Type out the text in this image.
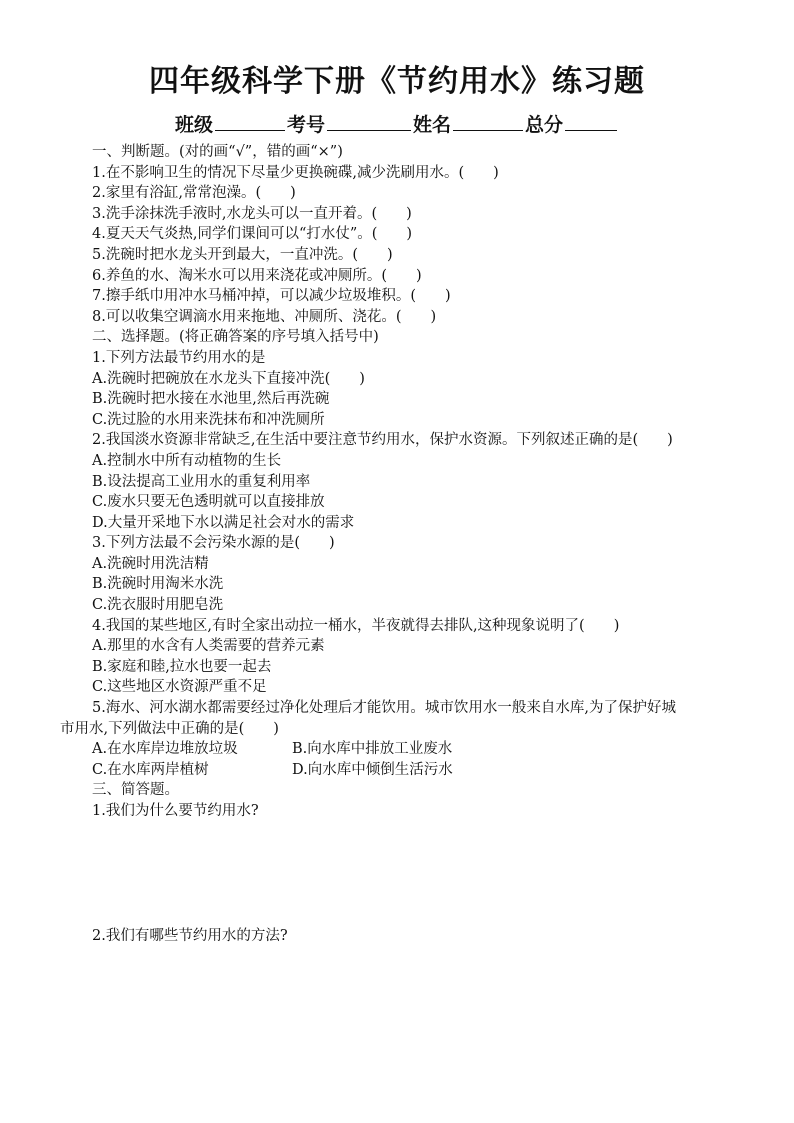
四年级科学下册《节约用水》练习题
班级	考号	姓名	总分
一、判断题。(对的画“√”，错的画“×”)
1.在不影响卫生的情况下尽量少更换碗碟,减少洗刷用水。(　　)
2.家里有浴缸,常常泡澡。(　　)
3.洗手涂抹洗手液时,水龙头可以一直开着。(　　)
4.夏天天气炎热,同学们课间可以“打水仗”。(　　)
5.洗碗时把水龙头开到最大，一直冲洗。(　　)
6.养鱼的水、淘米水可以用来浇花或冲厕所。(　　)
7.擦手纸巾用冲水马桶冲掉，可以减少垃圾堆积。(　　)
8.可以收集空调滴水用来拖地、冲厕所、浇花。(　　)
二、选择题。(将正确答案的序号填入括号中)
1.下列方法最节约用水的是
A.洗碗时把碗放在水龙头下直接冲洗(　　)
B.洗碗时把水接在水池里,然后再洗碗
C.洗过脸的水用来洗抹布和冲洗厕所
2.我国淡水资源非常缺乏,在生活中要注意节约用水，保护水资源。下列叙述正确的是(　　)
A.控制水中所有动植物的生长
B.设法提高工业用水的重复利用率
C.废水只要无色透明就可以直接排放
D.大量开采地下水以满足社会对水的需求
3.下列方法最不会污染水源的是(　　)
A.洗碗时用洗洁精
B.洗碗时用淘米水洗
C.洗衣服时用肥皂洗
4.我国的某些地区,有时全家出动拉一桶水，半夜就得去排队,这种现象说明了(　　)
A.那里的水含有人类需要的营养元素
B.家庭和睦,拉水也要一起去
C.这些地区水资源严重不足
5.海水、河水湖水都需要经过净化处理后才能饮用。城市饮用水一般来自水库,为了保护好城
市用水,下列做法中正确的是(　　)
A.在水库岸边堆放垃圾	B.向水库中排放工业废水
C.在水库两岸植树	D.向水库中倾倒生活污水
三、简答题。
1.我们为什么要节约用水?
2.我们有哪些节约用水的方法?
